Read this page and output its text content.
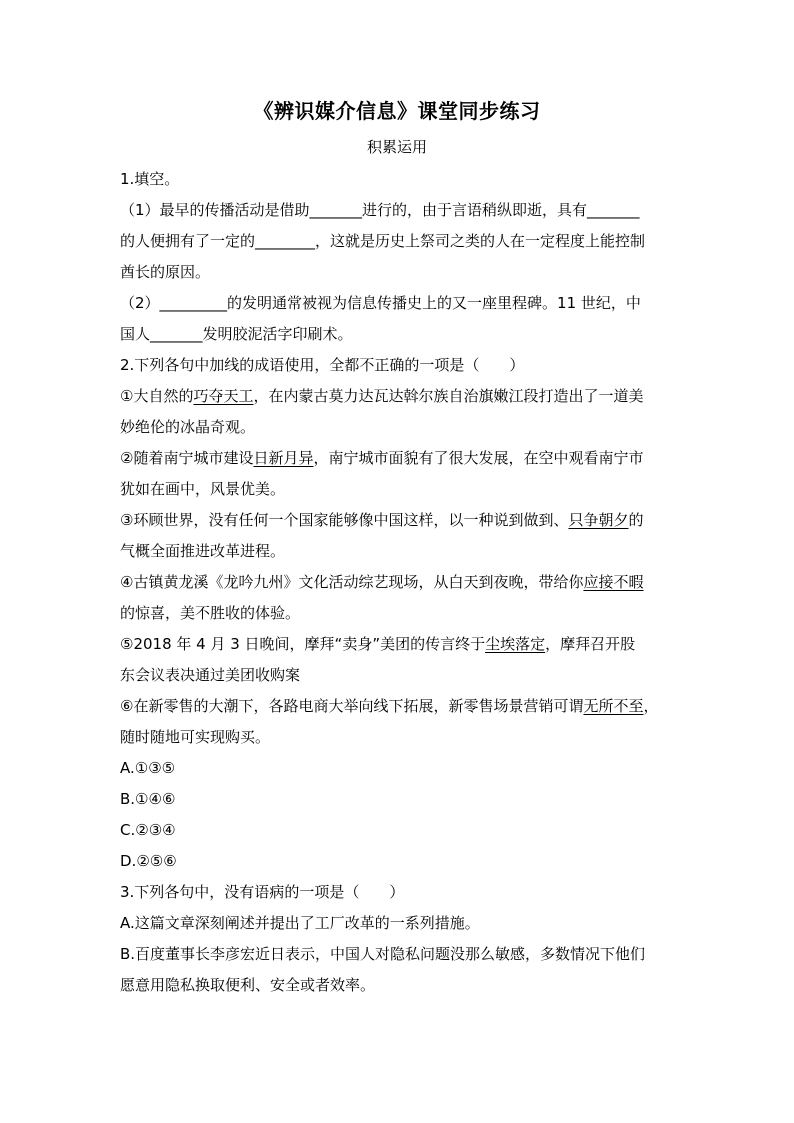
《辨识媒介信息》课堂同步练习
积累运用
1.填空。
（1）最早的传播活动是借助_______进行的，由于言语稍纵即逝，具有_______
的人便拥有了一定的________，这就是历史上祭司之类的人在一定程度上能控制
酋长的原因。
（2）_________的发明通常被视为信息传播史上的又一座里程碑。11 世纪，中
国人_______发明胶泥活字印刷术。
2.下列各句中加线的成语使用，全都不正确的一项是（　　）
①大自然的巧夺天工，在内蒙古莫力达瓦达斡尔族自治旗嫩江段打造出了一道美
妙绝伦的冰晶奇观。
②随着南宁城市建设日新月异，南宁城市面貌有了很大发展，在空中观看南宁市
犹如在画中，风景优美。
③环顾世界，没有任何一个国家能够像中国这样，以一种说到做到、只争朝夕的
气概全面推进改革进程。
④古镇黄龙溪《龙吟九州》文化活动综艺现场，从白天到夜晚，带给你应接不暇
的惊喜，美不胜收的体验。
⑤2018 年 4 月 3 日晚间，摩拜“卖身”美团的传言终于尘埃落定，摩拜召开股
东会议表决通过美团收购案
⑥在新零售的大潮下，各路电商大举向线下拓展，新零售场景营销可谓无所不至，
随时随地可实现购买。
A.①③⑤
B.①④⑥
C.②③④
D.②⑤⑥
3.下列各句中，没有语病的一项是（　　）
A.这篇文章深刻阐述并提出了工厂改革的一系列措施。
B.百度董事长李彦宏近日表示，中国人对隐私问题没那么敏感，多数情况下他们
愿意用隐私换取便利、安全或者效率。
